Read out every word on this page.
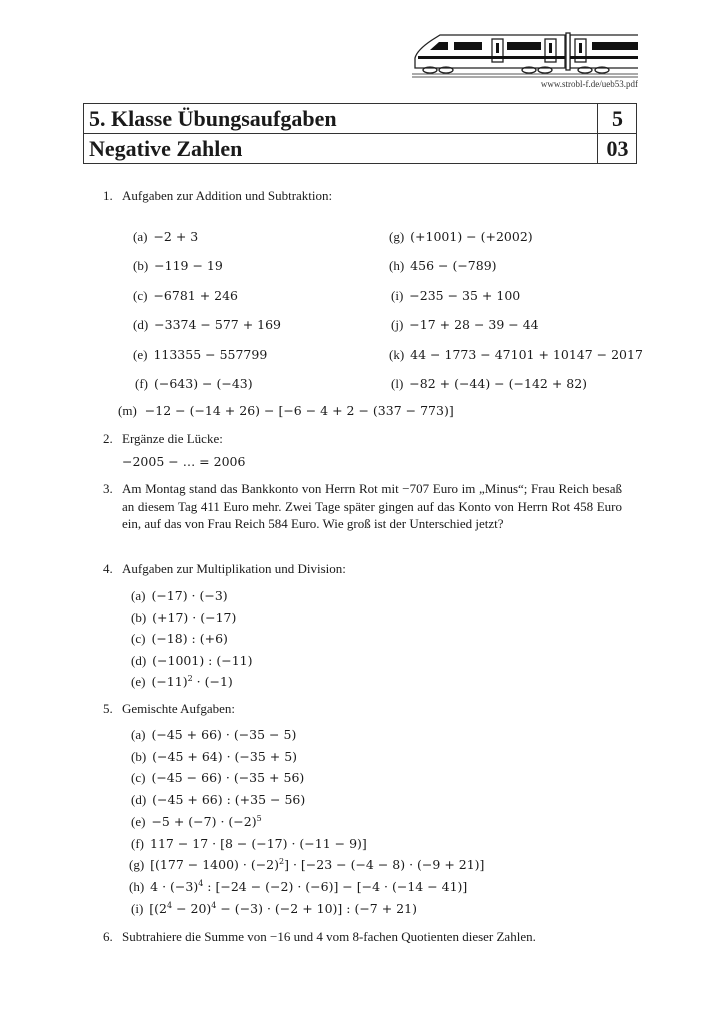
www.strobl-f.de/ueb53.pdf
5. Klasse Übungsaufgaben	5
Negative Zahlen	03
1. Aufgaben zur Addition und Subtraktion:
(m) −12 − (−14 + 26) − [−6 − 4 + 2 − (337 − 773)]
2. Ergänze die Lücke:
−2005 − … = 2006
3. Am Montag stand das Bankkonto von Herrn Rot mit −707 Euro im „Minus“; Frau Reich besaß an diesem Tag 411 Euro mehr. Zwei Tage später gingen auf das Konto von Herrn Rot 458 Euro ein, auf das von Frau Reich 584 Euro. Wie groß ist der Unterschied jetzt?
4. Aufgaben zur Multiplikation und Division:
5. Gemischte Aufgaben:
6. Subtrahiere die Summe von −16 und 4 vom 8-fachen Quotienten dieser Zahlen.
(a) −2 + 3
(b) −119 − 19
(c) −6781 + 246
(d) −3374 − 577 + 169
(e) 113355 − 557799
(f) (−643) − (−43)
(g) (+1001) − (+2002)
(h) 456 − (−789)
(i) −235 − 35 + 100
(j) −17 + 28 − 39 − 44
(k) 44 − 1773 − 47101 + 10147 − 2017
(l) −82 + (−44) − (−142 + 82)
(a) (−17) · (−3)
(b) (+17) · (−17)
(c) (−18) : (+6)
(d) (−1001) : (−11)
(e) $(-11)^2 \cdot (-1)$
(a) (−45 + 66) · (−35 − 5)
(b) (−45 + 64) · (−35 + 5)
(c) (−45 − 66) · (−35 + 56)
(d) (−45 + 66) : (+35 − 56)
$(e) -5 + (-7) \cdot (-2)^5$
(f) 117 − 17 · [8 − (−17) · (−11 − 9)]
(g) $[(177 - 1400) \cdot (-2)^2] \cdot [-23 - (-4 - 8) \cdot (-9 + 21)]$
(h) $4 \cdot (-3)^4$ : [−24 − (−2) · (−6)] − [−4 · (−14 − 41)]
(i) $[(2^4 - 20)^4 - (-3) \cdot (-2 + 10)]$ : (−7 + 21)
